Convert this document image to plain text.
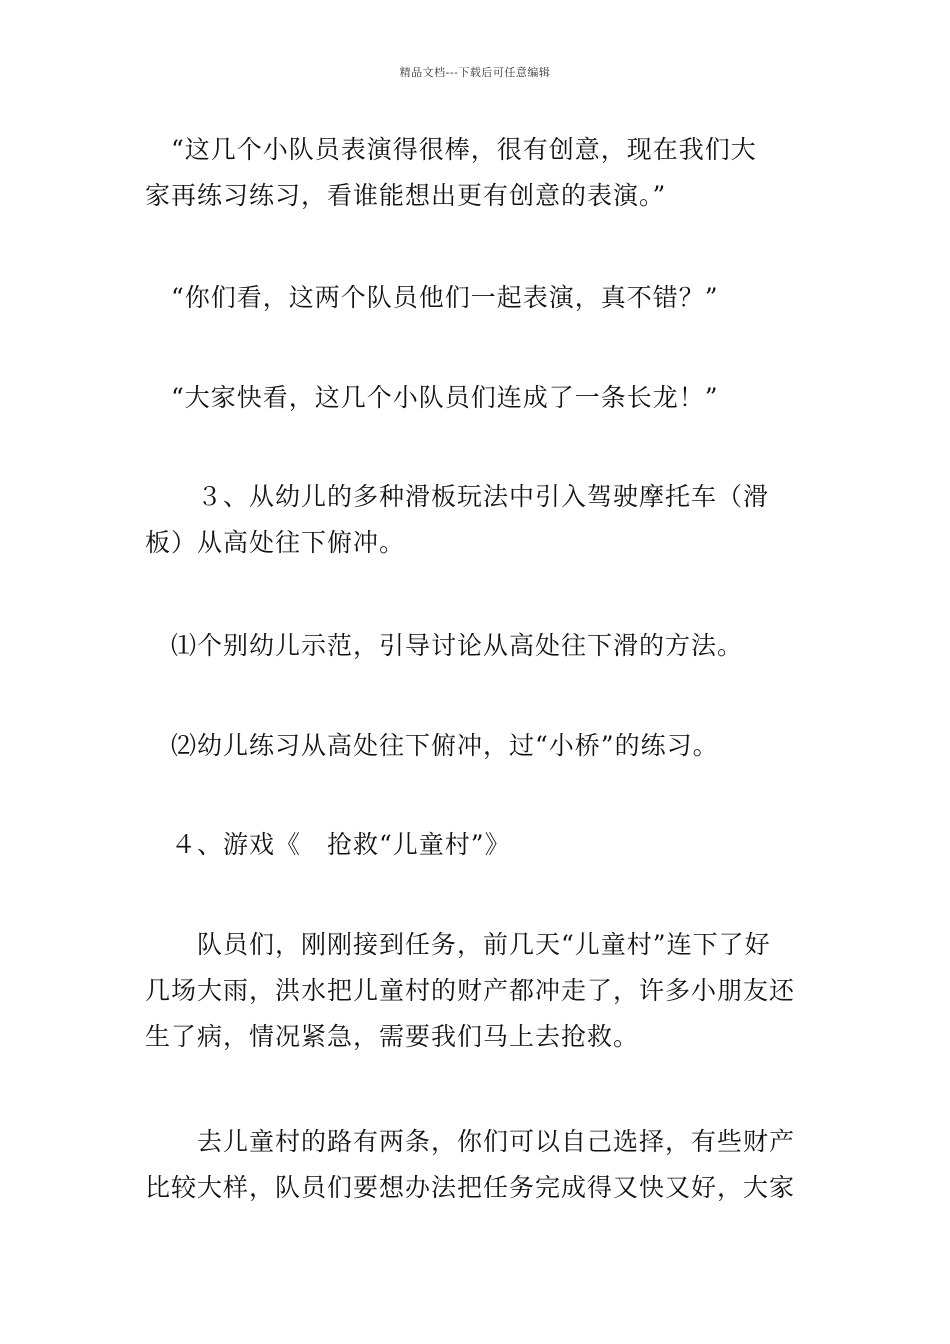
精品文档---下载后可任意编辑
　“这几个小队员表演得很棒，很有创意，现在我们大
家再练习练习，看谁能想出更有创意的表演。”
　“你们看，这两个队员他们一起表演，真不错？”
　“大家快看，这几个小队员们连成了一条长龙！”
　　３、从幼儿的多种滑板玩法中引入驾驶摩托车（滑
板）从高处往下俯冲。
　⑴个别幼儿示范，引导讨论从高处往下滑的方法。
　⑵幼儿练习从高处往下俯冲，过“小桥”的练习。
　４、游戏《　抢救“儿童村”》
　　队员们，刚刚接到任务，前几天“儿童村”连下了好
几场大雨，洪水把儿童村的财产都冲走了，许多小朋友还
生了病，情况紧急，需要我们马上去抢救。
　　去儿童村的路有两条，你们可以自己选择，有些财产
比较大样，队员们要想办法把任务完成得又快又好，大家
